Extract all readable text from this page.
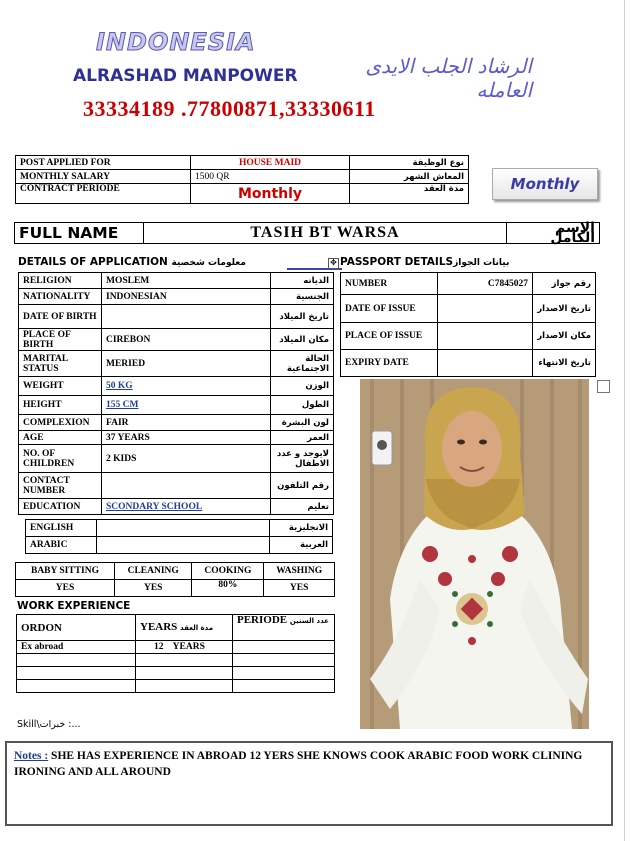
INDONESIA
ALRASHAD MANPOWER	الرشاد الجلب الايدى العامله
33334189 .77800871,33330611
POST APPLIED FOR	HOUSE MAID	نوع الوظيفة
MONTHLY SALARY	1500 QR	المعاش الشهر
CONTRACT PERIODE	Monthly	مدة العقد	Monthly
FULL NAME	TASIH BT WARSA	الاسم الكامل
DETAILS OF APPLICATION معلومات شخصية	✥ PASSPORT DETAILSبيانات الجواز
RELIGION	MOSLEM	الديانه
NATIONALITY	INDONESIAN	الجنسية
DATE OF BIRTH		تاريخ الميلاد
PLACE OF BIRTH	CIREBON	مكان الميلاد
MARITAL STATUS	MERIED	الحالة الاجتماعية
WEIGHT	50 KG	الوزن
HEIGHT	155 CM	الطول
COMPLEXION	FAIR	لون البشرة
AGE	37 YEARS	العمر
NO. OF CHILDREN	2 KIDS	لايوجد و عدد الاطفال
CONTACT NUMBER		رقم التلفون
EDUCATION	SCONDARY SCHOOL	تعليم
ENGLISH		الانجليزية
ARABIC		العربية
NUMBER	C7845027	رقم جواز
DATE OF ISSUE		تاريخ الاصدار
PLACE OF ISSUE		مكان الاصدار
EXPIRY DATE		تاريخ الانتهاء
BABY SITTING	CLEANING	COOKING	WASHING
YES	YES	80%	YES
WORK EXPERIENCE
ORDON	YEARS مدة العقد	PERIODE عدد السنين
Ex abroad	12    YEARS	

Skill\خبرات :...
Notes : SHE HAS EXPERIENCE IN ABROAD 12 YERS SHE KNOWS COOK ARABIC FOOD WORK CLINING IRONING AND ALL AROUND
